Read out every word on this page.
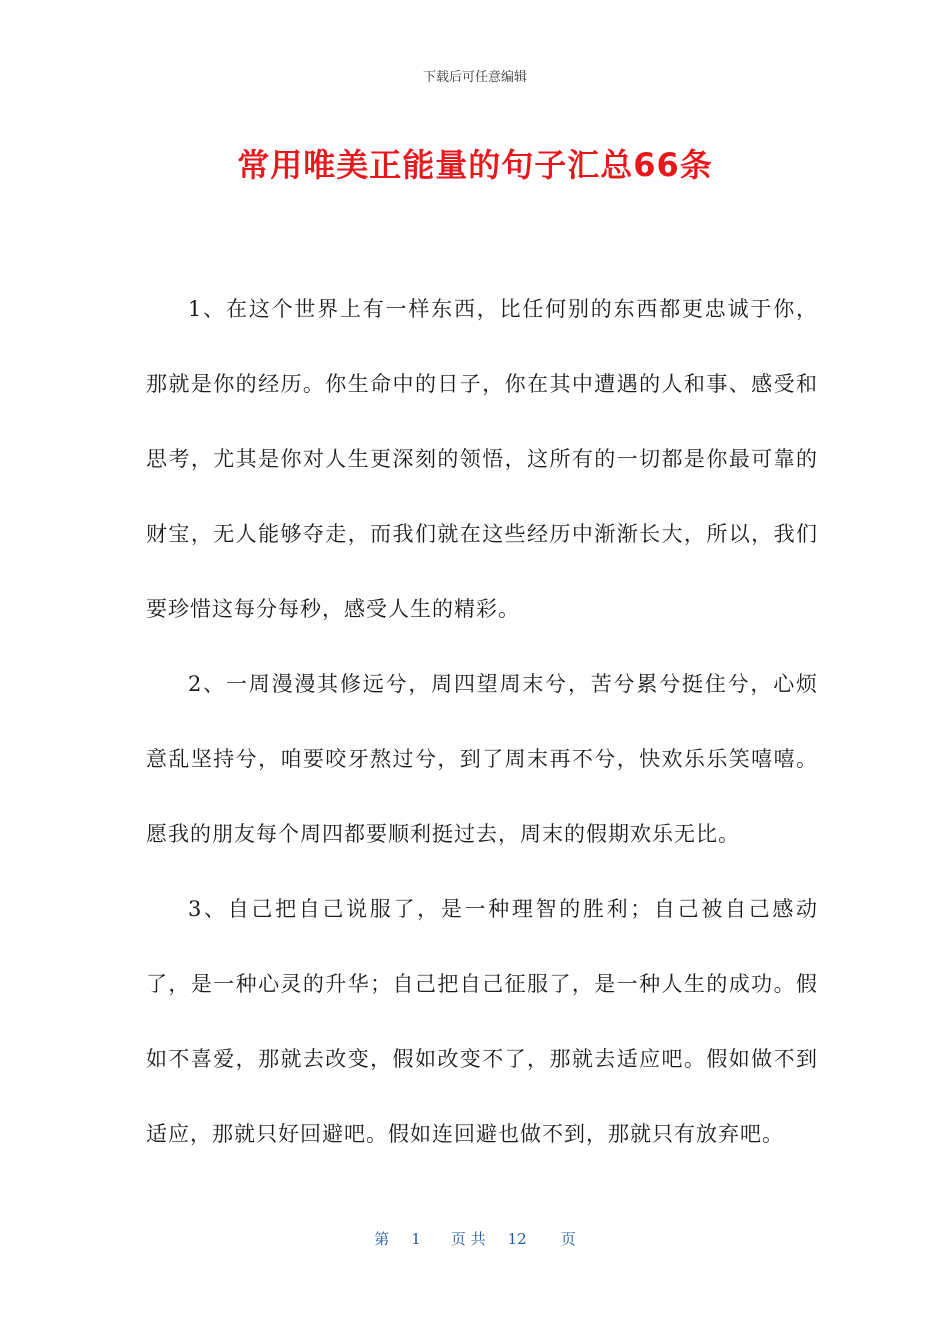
下载后可任意编辑
常用唯美正能量的句子汇总66条

1、在这个世界上有一样东西，比任何别的东西都更忠诚于你，那就是你的经历。你生命中的日子，你在其中遭遇的人和事、感受和思考，尤其是你对人生更深刻的领悟，这所有的一切都是你最可靠的财宝，无人能够夺走，而我们就在这些经历中渐渐长大，所以，我们要珍惜这每分每秒，感受人生的精彩。

2、一周漫漫其修远兮，周四望周末兮，苦兮累兮挺住兮，心烦意乱坚持兮，咱要咬牙熬过兮，到了周末再不兮，快欢乐乐笑嘻嘻。愿我的朋友每个周四都要顺利挺过去，周末的假期欢乐无比。

3、自己把自己说服了，是一种理智的胜利；自己被自己感动了，是一种心灵的升华；自己把自己征服了，是一种人生的成功。假如不喜爱，那就去改变，假如改变不了，那就去适应吧。假如做不到适应，那就只好回避吧。假如连回避也做不到，那就只有放弃吧。

第 1 页 共 12 页
